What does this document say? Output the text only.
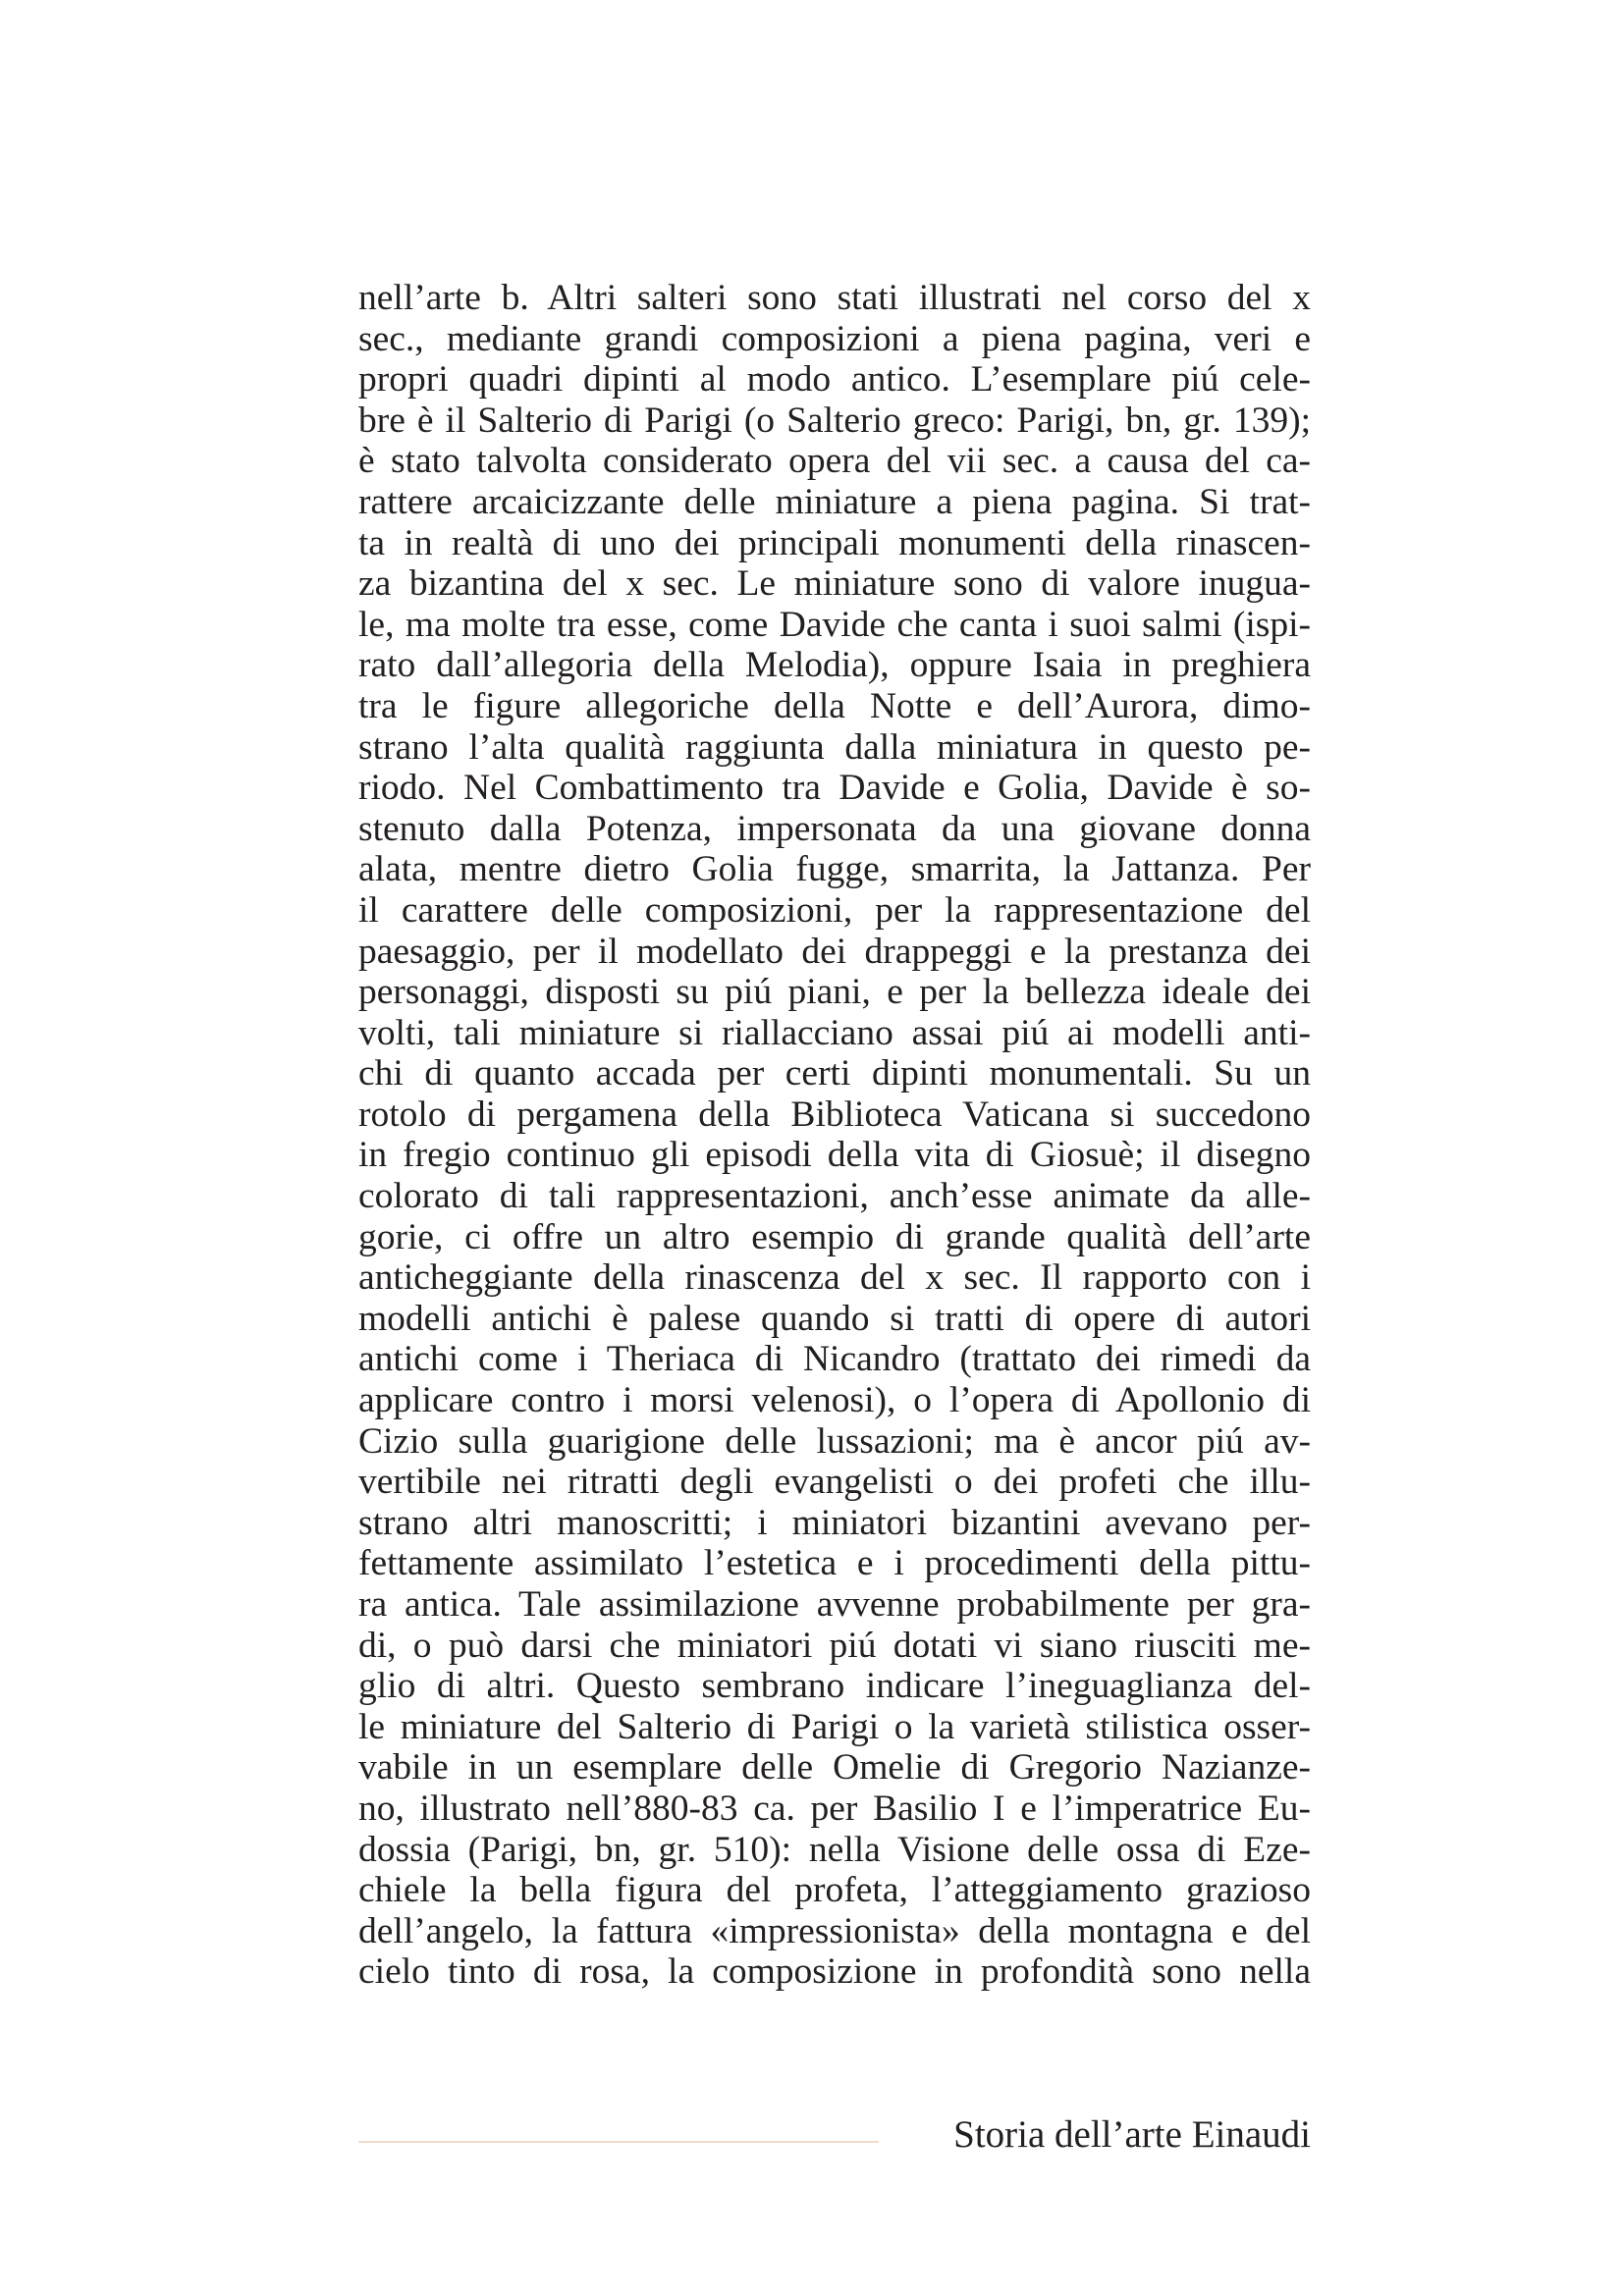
nell’arte b. Altri salteri sono stati illustrati nel corso del x
sec., mediante grandi composizioni a piena pagina, veri e
propri quadri dipinti al modo antico. L’esemplare piú cele-
bre è il Salterio di Parigi (o Salterio greco: Parigi, bn, gr. 139);
è stato talvolta considerato opera del vii sec. a causa del ca-
rattere arcaicizzante delle miniature a piena pagina. Si trat-
ta in realtà di uno dei principali monumenti della rinascen-
za bizantina del x sec. Le miniature sono di valore inugua-
le, ma molte tra esse, come Davide che canta i suoi salmi (ispi-
rato dall’allegoria della Melodia), oppure Isaia in preghiera
tra le figure allegoriche della Notte e dell’Aurora, dimo-
strano l’alta qualità raggiunta dalla miniatura in questo pe-
riodo. Nel Combattimento tra Davide e Golia, Davide è so-
stenuto dalla Potenza, impersonata da una giovane donna
alata, mentre dietro Golia fugge, smarrita, la Jattanza. Per
il carattere delle composizioni, per la rappresentazione del
paesaggio, per il modellato dei drappeggi e la prestanza dei
personaggi, disposti su piú piani, e per la bellezza ideale dei
volti, tali miniature si riallacciano assai piú ai modelli anti-
chi di quanto accada per certi dipinti monumentali. Su un
rotolo di pergamena della Biblioteca Vaticana si succedono
in fregio continuo gli episodi della vita di Giosuè; il disegno
colorato di tali rappresentazioni, anch’esse animate da alle-
gorie, ci offre un altro esempio di grande qualità dell’arte
anticheggiante della rinascenza del x sec. Il rapporto con i
modelli antichi è palese quando si tratti di opere di autori
antichi come i Theriaca di Nicandro (trattato dei rimedi da
applicare contro i morsi velenosi), o l’opera di Apollonio di
Cizio sulla guarigione delle lussazioni; ma è ancor piú av-
vertibile nei ritratti degli evangelisti o dei profeti che illu-
strano altri manoscritti; i miniatori bizantini avevano per-
fettamente assimilato l’estetica e i procedimenti della pittu-
ra antica. Tale assimilazione avvenne probabilmente per gra-
di, o può darsi che miniatori piú dotati vi siano riusciti me-
glio di altri. Questo sembrano indicare l’ineguaglianza del-
le miniature del Salterio di Parigi o la varietà stilistica osser-
vabile in un esemplare delle Omelie di Gregorio Nazianze-
no, illustrato nell’880-83 ca. per Basilio I e l’imperatrice Eu-
dossia (Parigi, bn, gr. 510): nella Visione delle ossa di Eze-
chiele la bella figura del profeta, l’atteggiamento grazioso
dell’angelo, la fattura «impressionista» della montagna e del
cielo tinto di rosa, la composizione in profondità sono nella
Storia dell’arte Einaudi
